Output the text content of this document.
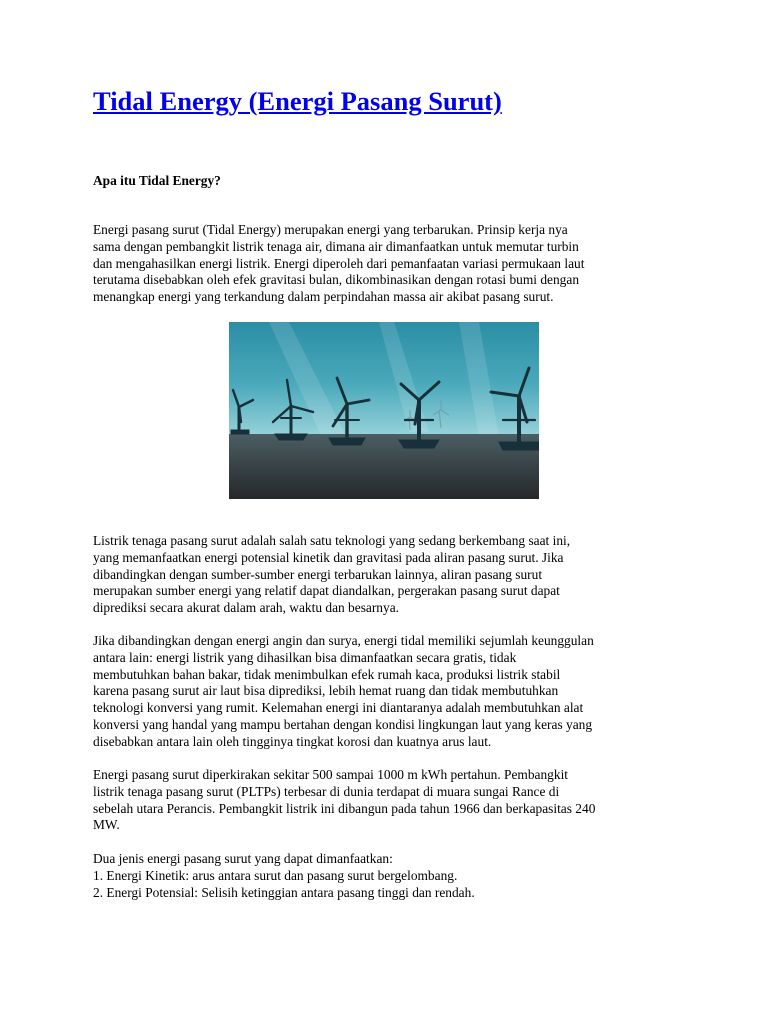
Tidal Energy (Energi Pasang Surut)

Apa itu Tidal Energy?

Energi pasang surut (Tidal Energy) merupakan energi yang terbarukan. Prinsip kerja nya
sama dengan pembangkit listrik tenaga air, dimana air dimanfaatkan untuk memutar turbin
dan mengahasilkan energi listrik. Energi diperoleh dari pemanfaatan variasi permukaan laut
terutama disebabkan oleh efek gravitasi bulan, dikombinasikan dengan rotasi bumi dengan
menangkap energi yang terkandung dalam perpindahan massa air akibat pasang surut.
Listrik tenaga pasang surut adalah salah satu teknologi yang sedang berkembang saat ini,
yang memanfaatkan energi potensial kinetik dan gravitasi pada aliran pasang surut. Jika
dibandingkan dengan sumber-sumber energi terbarukan lainnya, aliran pasang surut
merupakan sumber energi yang relatif dapat diandalkan, pergerakan pasang surut dapat
diprediksi secara akurat dalam arah, waktu dan besarnya.
Jika dibandingkan dengan energi angin dan surya, energi tidal memiliki sejumlah keunggulan
antara lain: energi listrik yang dihasilkan bisa dimanfaatkan secara gratis, tidak
membutuhkan bahan bakar, tidak menimbulkan efek rumah kaca, produksi listrik stabil
karena pasang surut air laut bisa diprediksi, lebih hemat ruang dan tidak membutuhkan
teknologi konversi yang rumit. Kelemahan energi ini diantaranya adalah membutuhkan alat
konversi yang handal yang mampu bertahan dengan kondisi lingkungan laut yang keras yang
disebabkan antara lain oleh tingginya tingkat korosi dan kuatnya arus laut.
Energi pasang surut diperkirakan sekitar 500 sampai 1000 m kWh pertahun. Pembangkit
listrik tenaga pasang surut (PLTPs) terbesar di dunia terdapat di muara sungai Rance di
sebelah utara Perancis. Pembangkit listrik ini dibangun pada tahun 1966 dan berkapasitas 240
MW.
Dua jenis energi pasang surut yang dapat dimanfaatkan:
1. Energi Kinetik: arus antara surut dan pasang surut bergelombang.
2. Energi Potensial: Selisih ketinggian antara pasang tinggi dan rendah.
